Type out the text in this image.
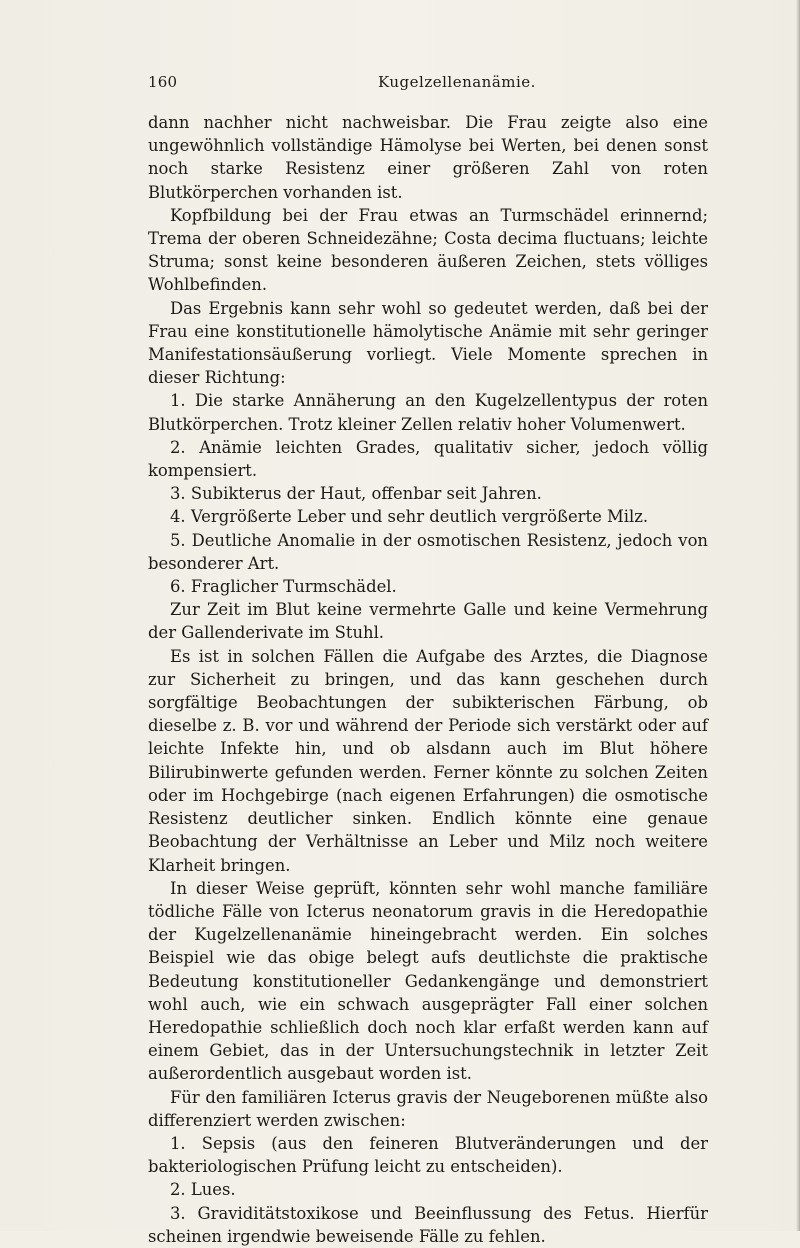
160	Kugelzellenanämie.

dann nachher nicht nachweisbar. Die Frau zeigte also eine ungewöhnlich vollständige Hämolyse bei Werten, bei denen sonst noch starke Resistenz einer größeren Zahl von roten Blutkörperchen vorhanden ist.

Kopfbildung bei der Frau etwas an Turmschädel erinnernd; Trema der oberen Schneidezähne; Costa decima fluctuans; leichte Struma; sonst keine besonderen äußeren Zeichen, stets völliges Wohlbefinden.

Das Ergebnis kann sehr wohl so gedeutet werden, daß bei der Frau eine konstitutionelle hämolytische Anämie mit sehr geringer Manifestationsäußerung vorliegt. Viele Momente sprechen in dieser Richtung:

1. Die starke Annäherung an den Kugelzellentypus der roten Blutkörperchen. Trotz kleiner Zellen relativ hoher Volumenwert.

2. Anämie leichten Grades, qualitativ sicher, jedoch völlig kompensiert.

3. Subikterus der Haut, offenbar seit Jahren.

4. Vergrößerte Leber und sehr deutlich vergrößerte Milz.

5. Deutliche Anomalie in der osmotischen Resistenz, jedoch von besonderer Art.

6. Fraglicher Turmschädel.

Zur Zeit im Blut keine vermehrte Galle und keine Vermehrung der Gallenderivate im Stuhl.

Es ist in solchen Fällen die Aufgabe des Arztes, die Diagnose zur Sicherheit zu bringen, und das kann geschehen durch sorgfältige Beobachtungen der subikterischen Färbung, ob dieselbe z. B. vor und während der Periode sich verstärkt oder auf leichte Infekte hin, und ob alsdann auch im Blut höhere Bilirubinwerte gefunden werden. Ferner könnte zu solchen Zeiten oder im Hochgebirge (nach eigenen Erfahrungen) die osmotische Resistenz deutlicher sinken. Endlich könnte eine genaue Beobachtung der Verhältnisse an Leber und Milz noch weitere Klarheit bringen.

In dieser Weise geprüft, könnten sehr wohl manche familiäre tödliche Fälle von Icterus neonatorum gravis in die Heredopathie der Kugelzellenanämie hineingebracht werden. Ein solches Beispiel wie das obige belegt aufs deutlichste die praktische Bedeutung konstitutioneller Gedankengänge und demonstriert wohl auch, wie ein schwach ausgeprägter Fall einer solchen Heredopathie schließlich doch noch klar erfaßt werden kann auf einem Gebiet, das in der Untersuchungstechnik in letzter Zeit außerordentlich ausgebaut worden ist.

Für den familiären Icterus gravis der Neugeborenen müßte also differenziert werden zwischen:

1. Sepsis (aus den feineren Blutveränderungen und der bakteriologischen Prüfung leicht zu entscheiden).

2. Lues.

3. Graviditätstoxikose und Beeinflussung des Fetus. Hierfür scheinen irgendwie beweisende Fälle zu fehlen.
